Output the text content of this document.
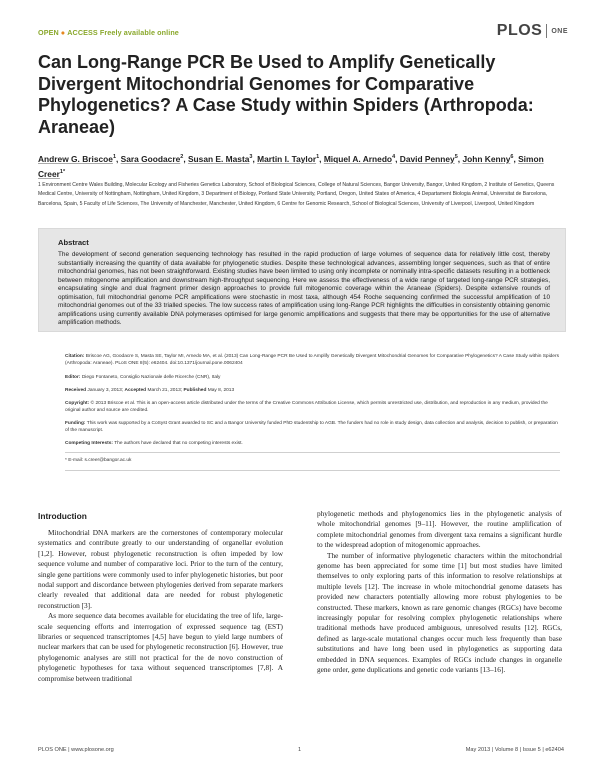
OPEN ● ACCESS Freely available online	PLOS ONE
Can Long-Range PCR Be Used to Amplify Genetically Divergent Mitochondrial Genomes for Comparative Phylogenetics? A Case Study within Spiders (Arthropoda: Araneae)
Andrew G. Briscoe$^1$, Sara Goodacre$^2$, Susan E. Masta$^3$, Martin I. Taylor$^1$, Miquel A. Arnedo$^4$, David Penney$^5$, John Kenny$^6$, Simon Creer$^{1*}$
1 Environment Centre Wales Building, Molecular Ecology and Fisheries Genetics Laboratory, School of Biological Sciences, College of Natural Sciences, Bangor University, Bangor, United Kingdom, 2 Institute of Genetics, Queens Medical Centre, University of Nottingham, Nottingham, United Kingdom, 3 Department of Biology, Portland State University, Portland, Oregon, United States of America, 4 Departament Biologia Animal, Universitat de Barcelona, Barcelona, Spain, 5 Faculty of Life Sciences, The University of Manchester, Manchester, United Kingdom, 6 Centre for Genomic Research, School of Biological Sciences, University of Liverpool, Liverpool, United Kingdom
Abstract
The development of second generation sequencing technology has resulted in the rapid production of large volumes of sequence data for relatively little cost, thereby substantially increasing the quantity of data available for phylogenetic studies. Despite these technological advances, assembling longer sequences, such as that of entire mitochondrial genomes, has not been straightforward. Existing studies have been limited to using only incomplete or nominally intra-specific datasets resulting in a bottleneck between mitogenome amplification and downstream high-throughput sequencing. Here we assess the effectiveness of a wide range of targeted long-range PCR strategies, encapsulating single and dual fragment primer design approaches to provide full mitogenomic coverage within the Araneae (Spiders). Despite extensive rounds of optimisation, full mitochondrial genome PCR amplifications were stochastic in most taxa, although 454 Roche sequencing confirmed the successful amplification of 10 mitochondrial genomes out of the 33 trialled species. The low success rates of amplification using long-Range PCR highlights the difficulties in consistently obtaining genomic amplifications using currently available DNA polymerases optimised for large genomic amplifications and suggests that there may be opportunities for the use of alternative amplification methods.
Citation: Briscoe AG, Goodacre S, Masta SE, Taylor MI, Arnedo MA, et al. (2013) Can Long-Range PCR Be Used to Amplify Genetically Divergent Mitochondrial Genomes for Comparative Phylogenetics? A Case Study within Spiders (Arthropoda: Araneae). PLoS ONE 8(5): e62404. doi:10.1371/journal.pone.0062404
Editor: Diego Fontaneto, Consiglio Nazionale delle Ricerche (CNR), Italy
Received January 3, 2013; Accepted March 21, 2013; Published May 8, 2013
Copyright: © 2013 Briscoe et al. This is an open-access article distributed under the terms of the Creative Commons Attribution License, which permits unrestricted use, distribution, and reproduction in any medium, provided the original author and source are credited.
Funding: This work was supported by a CoSyst Grant awarded to SC and a Bangor University funded PhD studentship to AGB. The funders had no role in study design, data collection and analysis, decision to publish, or preparation of the manuscript.
Competing Interests: The authors have declared that no competing interests exist.
* E-mail: s.creer@bangor.ac.uk
Introduction

Mitochondrial DNA markers are the cornerstones of contemporary molecular systematics and contribute greatly to our understanding of organellar evolution [1,2]. However, robust phylogenetic reconstruction is often impeded by low sequence volume and number of comparative loci. Prior to the turn of the century, single gene partitions were commonly used to infer phylogenetic histories, but poor nodal support and discordance between phylogenies derived from separate markers clearly revealed that additional data are needed for robust phylogenetic reconstruction [3].

As more sequence data becomes available for elucidating the tree of life, large-scale sequencing efforts and interrogation of expressed sequence tag (EST) libraries or sequenced transcriptomes [4,5] have begun to yield large numbers of nuclear markers that can be used for phylogenetic reconstruction [6]. However, true phylogenomic analyses are still not practical for the de novo construction of phylogenetic hypotheses for taxa without sequenced transcriptomes [7,8]. A compromise between traditional

phylogenetic methods and phylogenomics lies in the phylogenetic analysis of whole mitochondrial genomes [9–11]. However, the routine amplification of complete mitochondrial genomes from divergent taxa remains a significant hurdle to the widespread adoption of mitogenomic approaches.

The number of informative phylogenetic characters within the mitochondrial genome has been appreciated for some time [1] but most studies have limited themselves to only exploring parts of this information to resolve relationships at multiple levels [12]. The increase in whole mitochondrial genome datasets has provided new characters potentially allowing more robust phylogenies to be constructed. These markers, known as rare genomic changes (RGCs) have become increasingly popular for resolving complex phylogenetic relationships where traditional methods have produced ambiguous, unresolved results [12]. RGCs, defined as large-scale mutational changes occur much less frequently than base substitutions and have long been used in phylogenetics as supporting data embedded in DNA sequences. Examples of RGCs include changes in organelle gene order, gene duplications and genetic code variants [13–16].

PLOS ONE | www.plosone.org	1	May 2013 | Volume 8 | Issue 5 | e62404
